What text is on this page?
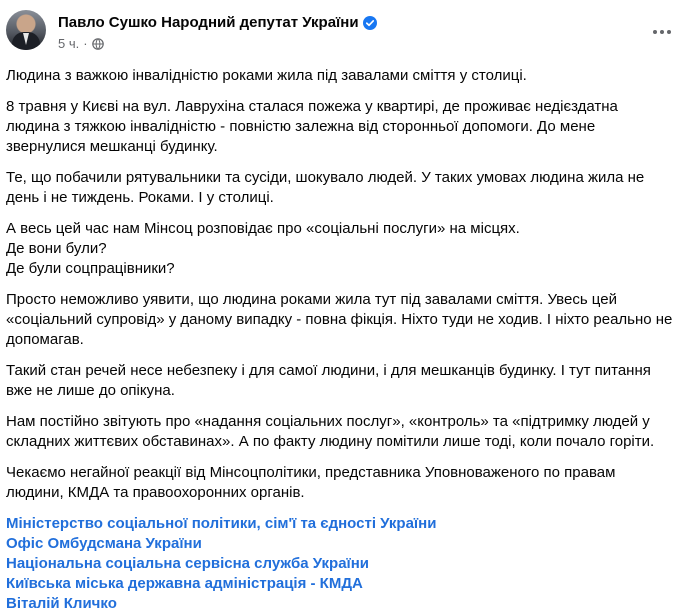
Павло Сушко Народний депутат України
5 ч. ·

Людина з важкою інвалідністю роками жила під завалами сміття у столиці.

8 травня у Києві на вул. Лаврухіна сталася пожежа у квартирі, де проживає недієздатна людина з тяжкою інвалідністю - повністю залежна від сторонньої допомоги. До мене звернулися мешканці будинку.

Те, що побачили рятувальники та сусіди, шокувало людей. У таких умовах людина жила не день і не тиждень. Роками. І у столиці.

А весь цей час нам Мінсоц розповідає про «соціальні послуги» на місцях.

Де вони були?

Де були соцпрацівники?

Просто неможливо уявити, що людина роками жила тут під завалами сміття. Увесь цей «соціальний супровід» у даному випадку - повна фікція. Ніхто туди не ходив. І ніхто реально не допомагав.

Такий стан речей несе небезпеку і для самої людини, і для мешканців будинку. І тут питання вже не лише до опікуна.

Нам постійно звітують про «надання соціальних послуг», «контроль» та «підтримку людей у складних життєвих обставинах». А по факту людину помітили лише тоді, коли почало горіти.

Чекаємо негайної реакції від Мінсоцполітики, представника Уповноваженого по правам людини, КМДА та правоохоронних органів.

Міністерство соціальної політики, сім'ї та єдності України
Офіс Омбудсмана України
Національна соціальна сервісна служба України
Київська міська державна адміністрація - КМДА
Віталій Кличко
